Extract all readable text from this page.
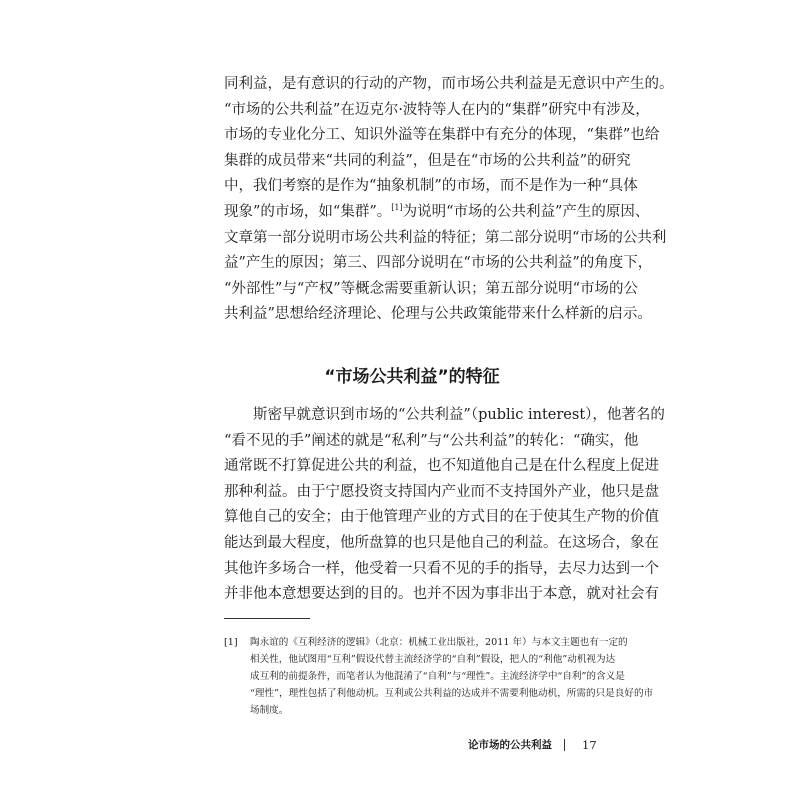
同利益，是有意识的行动的产物，而市场公共利益是无意识中产生的。
“市场的公共利益”在迈克尔·波特等人在内的“集群”研究中有涉及，
市场的专业化分工、知识外溢等在集群中有充分的体现，“集群”也给
集群的成员带来“共同的利益”，但是在“市场的公共利益”的研究
中，我们考察的是作为“抽象机制”的市场，而不是作为一种“具体
现象”的市场，如“集群”。[1]为说明“市场的公共利益”产生的原因、
文章第一部分说明市场公共利益的特征；第二部分说明“市场的公共利
益”产生的原因；第三、四部分说明在“市场的公共利益”的角度下，
“外部性”与“产权”等概念需要重新认识；第五部分说明“市场的公
共利益”思想给经济理论、伦理与公共政策能带来什么样新的启示。
“市场公共利益”的特征
斯密早就意识到市场的“公共利益”（public interest），他著名的
“看不见的手”阐述的就是“私利”与“公共利益”的转化：“确实，他
通常既不打算促进公共的利益，也不知道他自己是在什么程度上促进
那种利益。由于宁愿投资支持国内产业而不支持国外产业，他只是盘
算他自己的安全；由于他管理产业的方式目的在于使其生产物的价值
能达到最大程度，他所盘算的也只是他自己的利益。在这场合，象在
其他许多场合一样，他受着一只看不见的手的指导，去尽力达到一个
并非他本意想要达到的目的。也并不因为事非出于本意，就对社会有
[1] 陶永谊的《互利经济的逻辑》（北京：机械工业出版社，2011 年）与本文主题也有一定的
相关性，他试图用“互利”假设代替主流经济学的“自利”假设，把人的“利他”动机视为达
成互利的前提条件，而笔者认为他混淆了“自利”与“理性”。主流经济学中“自利”的含义是
“理性”，理性包括了利他动机。互利或公共利益的达成并不需要利他动机，所需的只是良好的市
场制度。
论市场的公共利益	17
